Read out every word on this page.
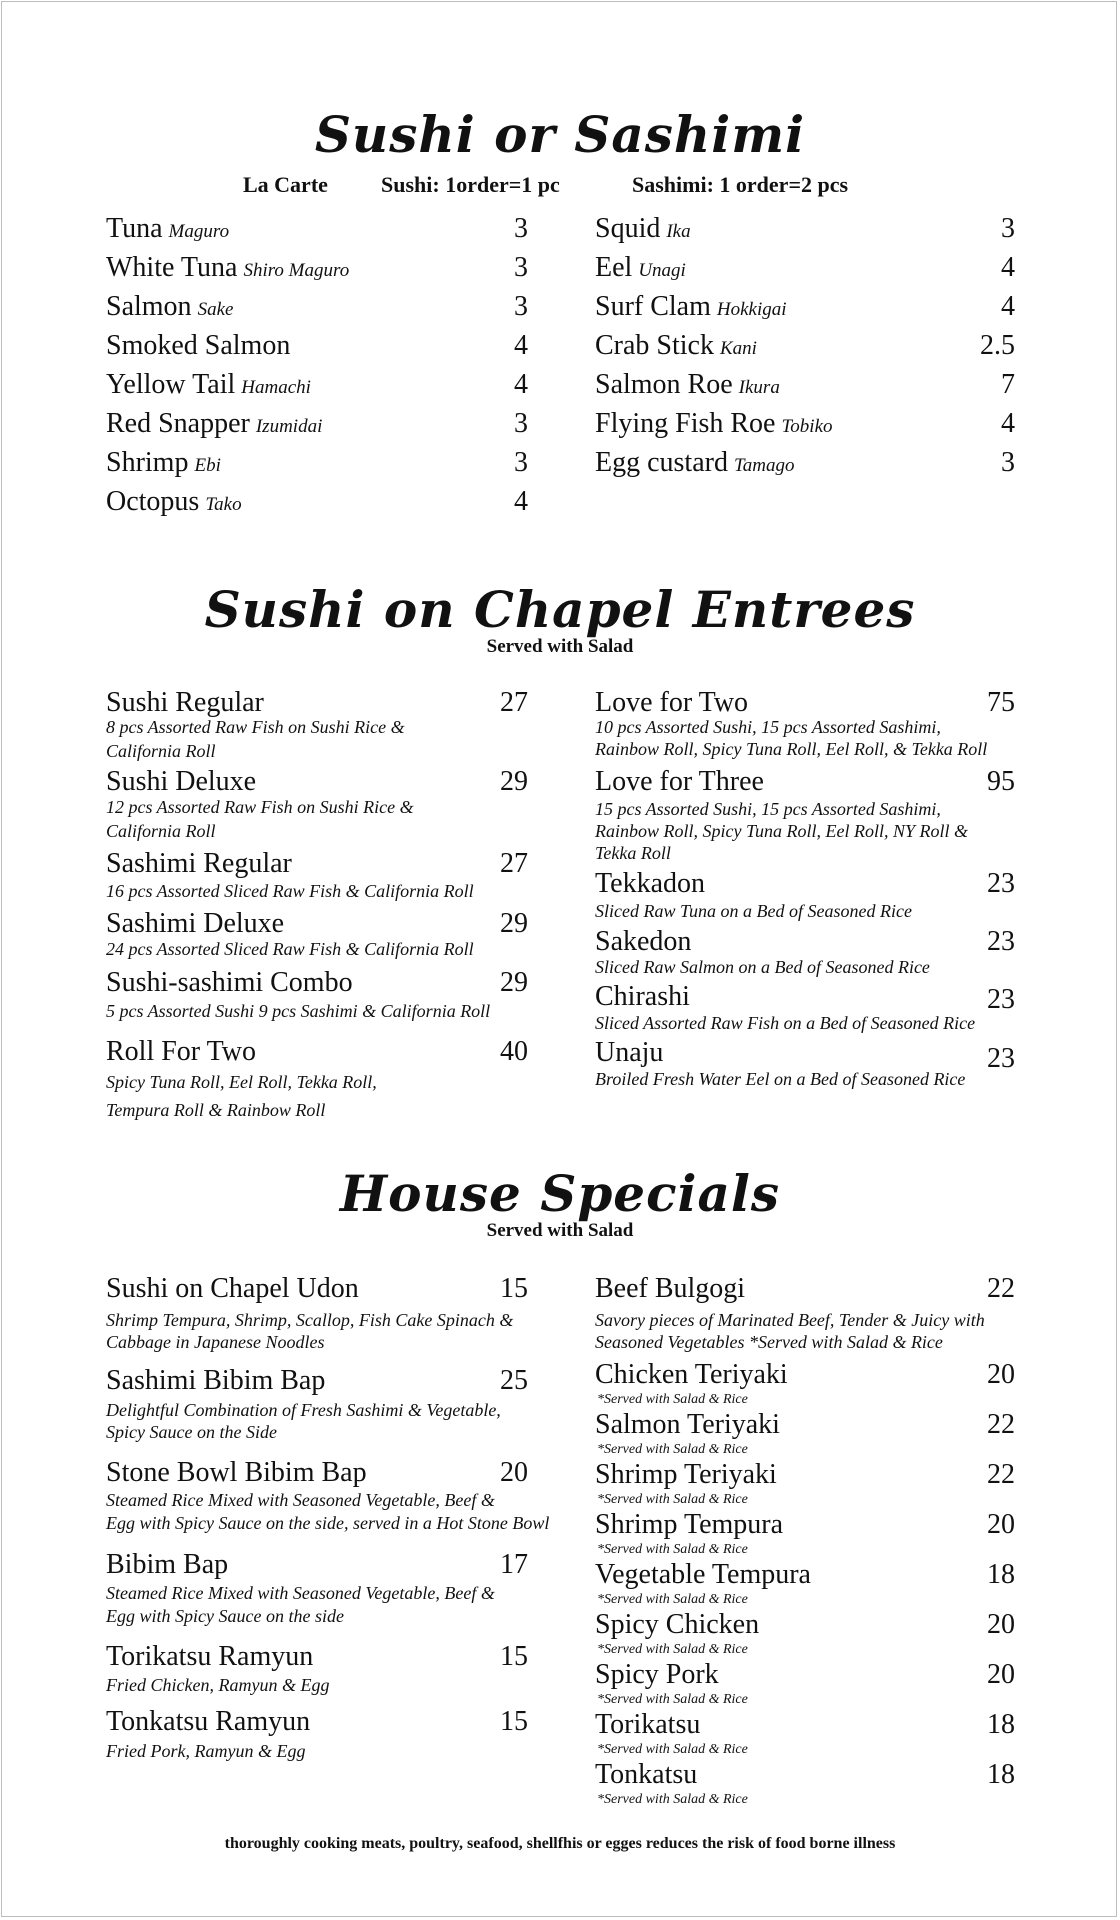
Sushi or Sashimi
La Carte Sushi: 1order=1 pc	Sashimi: 1 order=2 pcs
Tuna Maguro	3
White Tuna Shiro Maguro	3
Salmon Sake	3
Smoked Salmon	4
Yellow Tail Hamachi	4
Red Snapper Izumidai	3
Shrimp Ebi	3
Octopus Tako	4
Squid Ika	3
Eel Unagi	4
Surf Clam Hokkigai	4
Crab Stick Kani	2.5
Salmon Roe Ikura	7
Flying Fish Roe Tobiko	4
Egg custard Tamago	3
Sushi on Chapel Entrees
Served with Salad
Sushi Regular	27
8 pcs Assorted Raw Fish on Sushi Rice &
California Roll
Sushi Deluxe	29
12 pcs Assorted Raw Fish on Sushi Rice &
California Roll
Sashimi Regular	27
16 pcs Assorted Sliced Raw Fish & California Roll
Sashimi Deluxe	29
24 pcs Assorted Sliced Raw Fish & California Roll
Sushi-sashimi Combo	29
5 pcs Assorted Sushi 9 pcs Sashimi & California Roll
Roll For Two	40
Spicy Tuna Roll, Eel Roll, Tekka Roll,
Tempura Roll & Rainbow Roll
Love for Two	75
10 pcs Assorted Sushi, 15 pcs Assorted Sashimi,
Rainbow Roll, Spicy Tuna Roll, Eel Roll, & Tekka Roll
Love for Three	95
15 pcs Assorted Sushi, 15 pcs Assorted Sashimi,
Rainbow Roll, Spicy Tuna Roll, Eel Roll, NY Roll &
Tekka Roll
Tekkadon	23
Sliced Raw Tuna on a Bed of Seasoned Rice
Sakedon	23
Sliced Raw Salmon on a Bed of Seasoned Rice
Chirashi	23
Sliced Assorted Raw Fish on a Bed of Seasoned Rice
Unaju	23
Broiled Fresh Water Eel on a Bed of Seasoned Rice
House Specials
Served with Salad
Sushi on Chapel Udon	15
Shrimp Tempura, Shrimp, Scallop, Fish Cake Spinach &
Cabbage in Japanese Noodles
Sashimi Bibim Bap	25
Delightful Combination of Fresh Sashimi & Vegetable,
Spicy Sauce on the Side
Stone Bowl Bibim Bap	20
Steamed Rice Mixed with Seasoned Vegetable, Beef &
Egg with Spicy Sauce on the side, served in a Hot Stone Bowl
Bibim Bap	17
Steamed Rice Mixed with Seasoned Vegetable, Beef &
Egg with Spicy Sauce on the side
Torikatsu Ramyun	15
Fried Chicken, Ramyun & Egg
Tonkatsu Ramyun	15
Fried Pork, Ramyun & Egg
Beef Bulgogi	22
Savory pieces of Marinated Beef, Tender & Juicy with
Seasoned Vegetables *Served with Salad & Rice
Chicken Teriyaki	20
*Served with Salad & Rice
Salmon Teriyaki	22
*Served with Salad & Rice
Shrimp Teriyaki	22
*Served with Salad & Rice
Shrimp Tempura	20
*Served with Salad & Rice
Vegetable Tempura	18
*Served with Salad & Rice
Spicy Chicken	20
*Served with Salad & Rice
Spicy Pork	20
*Served with Salad & Rice
Torikatsu	18
*Served with Salad & Rice
Tonkatsu	18
*Served with Salad & Rice
thoroughly cooking meats, poultry, seafood, shellfhis or egges reduces the risk of food borne illness
